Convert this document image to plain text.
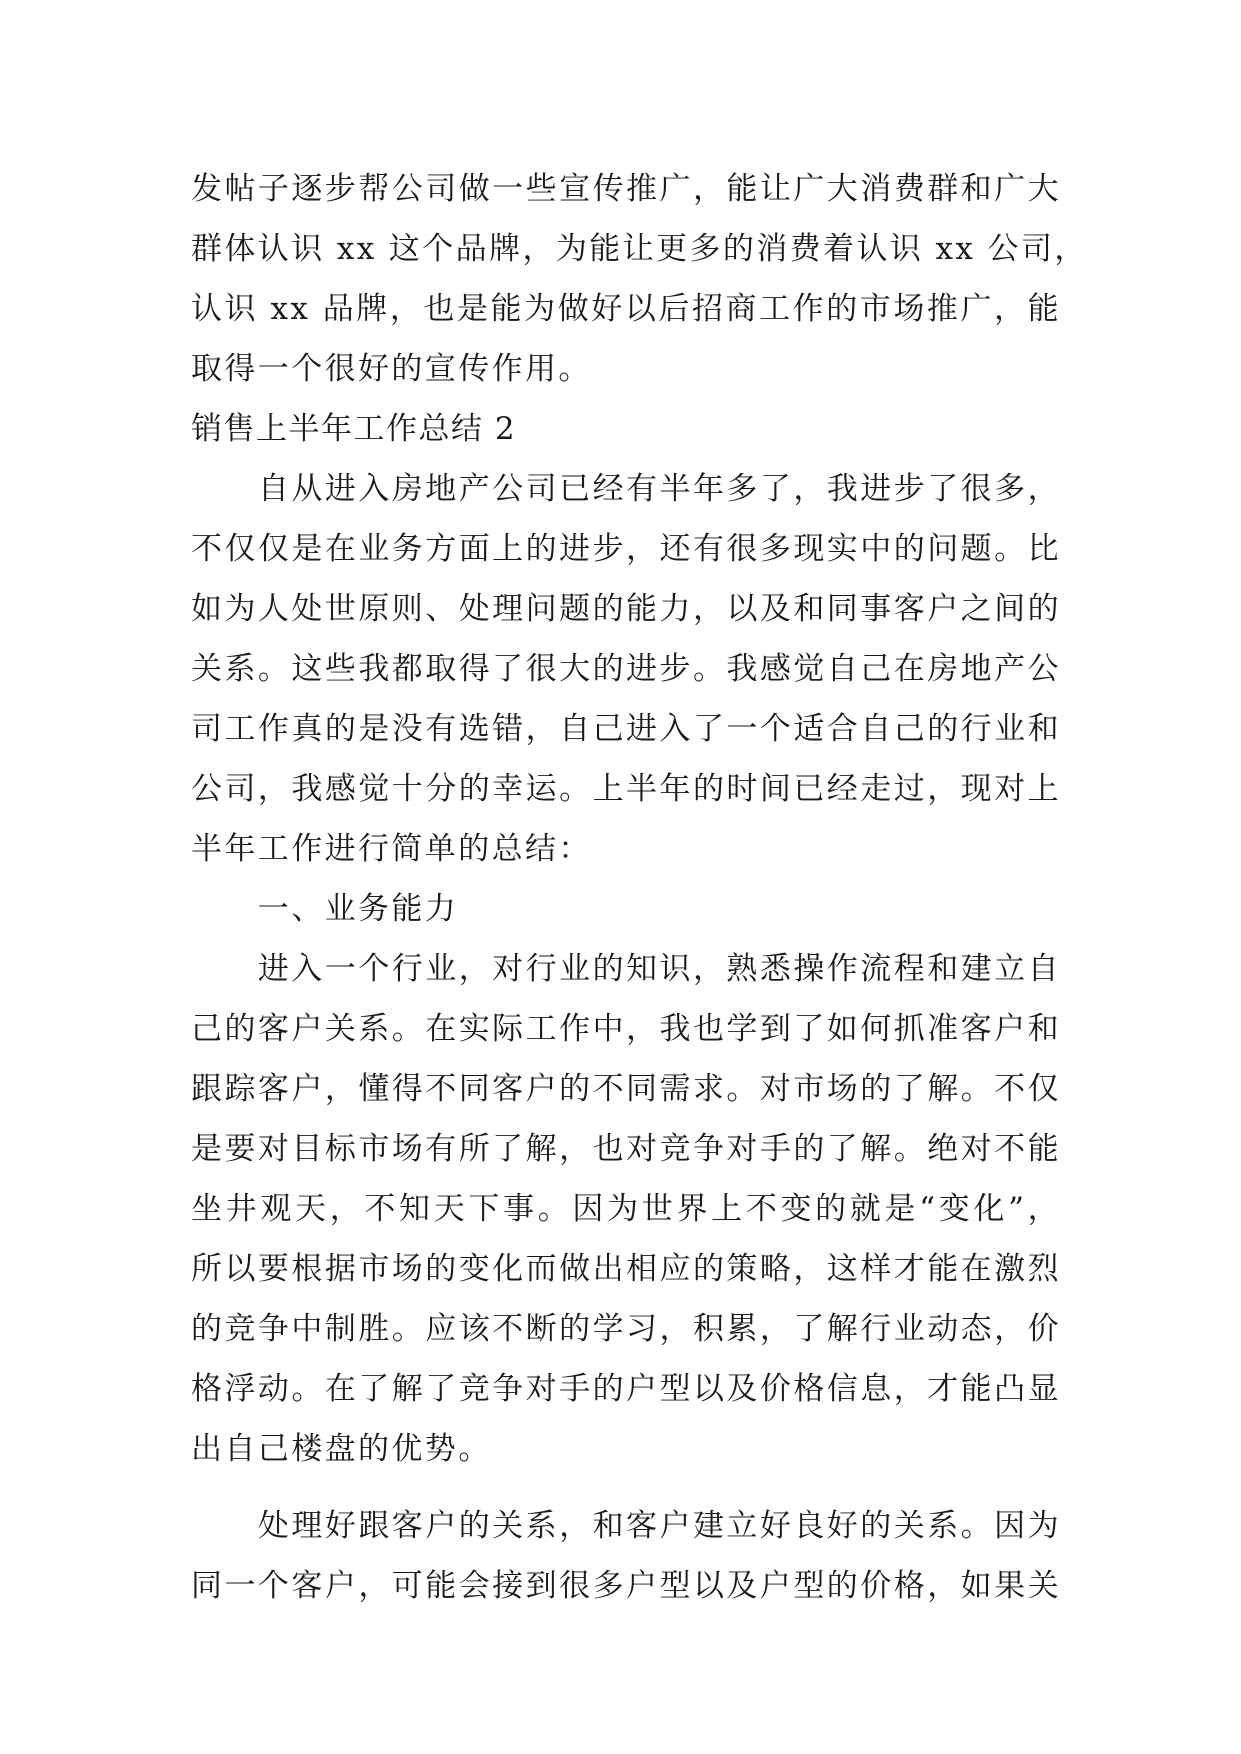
发帖子逐步帮公司做一些宣传推广，能让广大消费群和广大
群体认识 xx 这个品牌，为能让更多的消费着认识 xx 公司，
认识 xx 品牌，也是能为做好以后招商工作的市场推广，能
取得一个很好的宣传作用。
销售上半年工作总结 2
　　自从进入房地产公司已经有半年多了，我进步了很多，
不仅仅是在业务方面上的进步，还有很多现实中的问题。比
如为人处世原则、处理问题的能力，以及和同事客户之间的
关系。这些我都取得了很大的进步。我感觉自己在房地产公
司工作真的是没有选错，自己进入了一个适合自己的行业和
公司，我感觉十分的幸运。上半年的时间已经走过，现对上
半年工作进行简单的总结：
　　一、业务能力
　　进入一个行业，对行业的知识，熟悉操作流程和建立自
己的客户关系。在实际工作中，我也学到了如何抓准客户和
跟踪客户，懂得不同客户的不同需求。对市场的了解。不仅
是要对目标市场有所了解，也对竞争对手的了解。绝对不能
坐井观天，不知天下事。因为世界上不变的就是“变化”，
所以要根据市场的变化而做出相应的策略，这样才能在激烈
的竞争中制胜。应该不断的学习，积累，了解行业动态，价
格浮动。在了解了竞争对手的户型以及价格信息，才能凸显
出自己楼盘的优势。
　　处理好跟客户的关系，和客户建立好良好的关系。因为
同一个客户，可能会接到很多户型以及户型的价格，如果关
